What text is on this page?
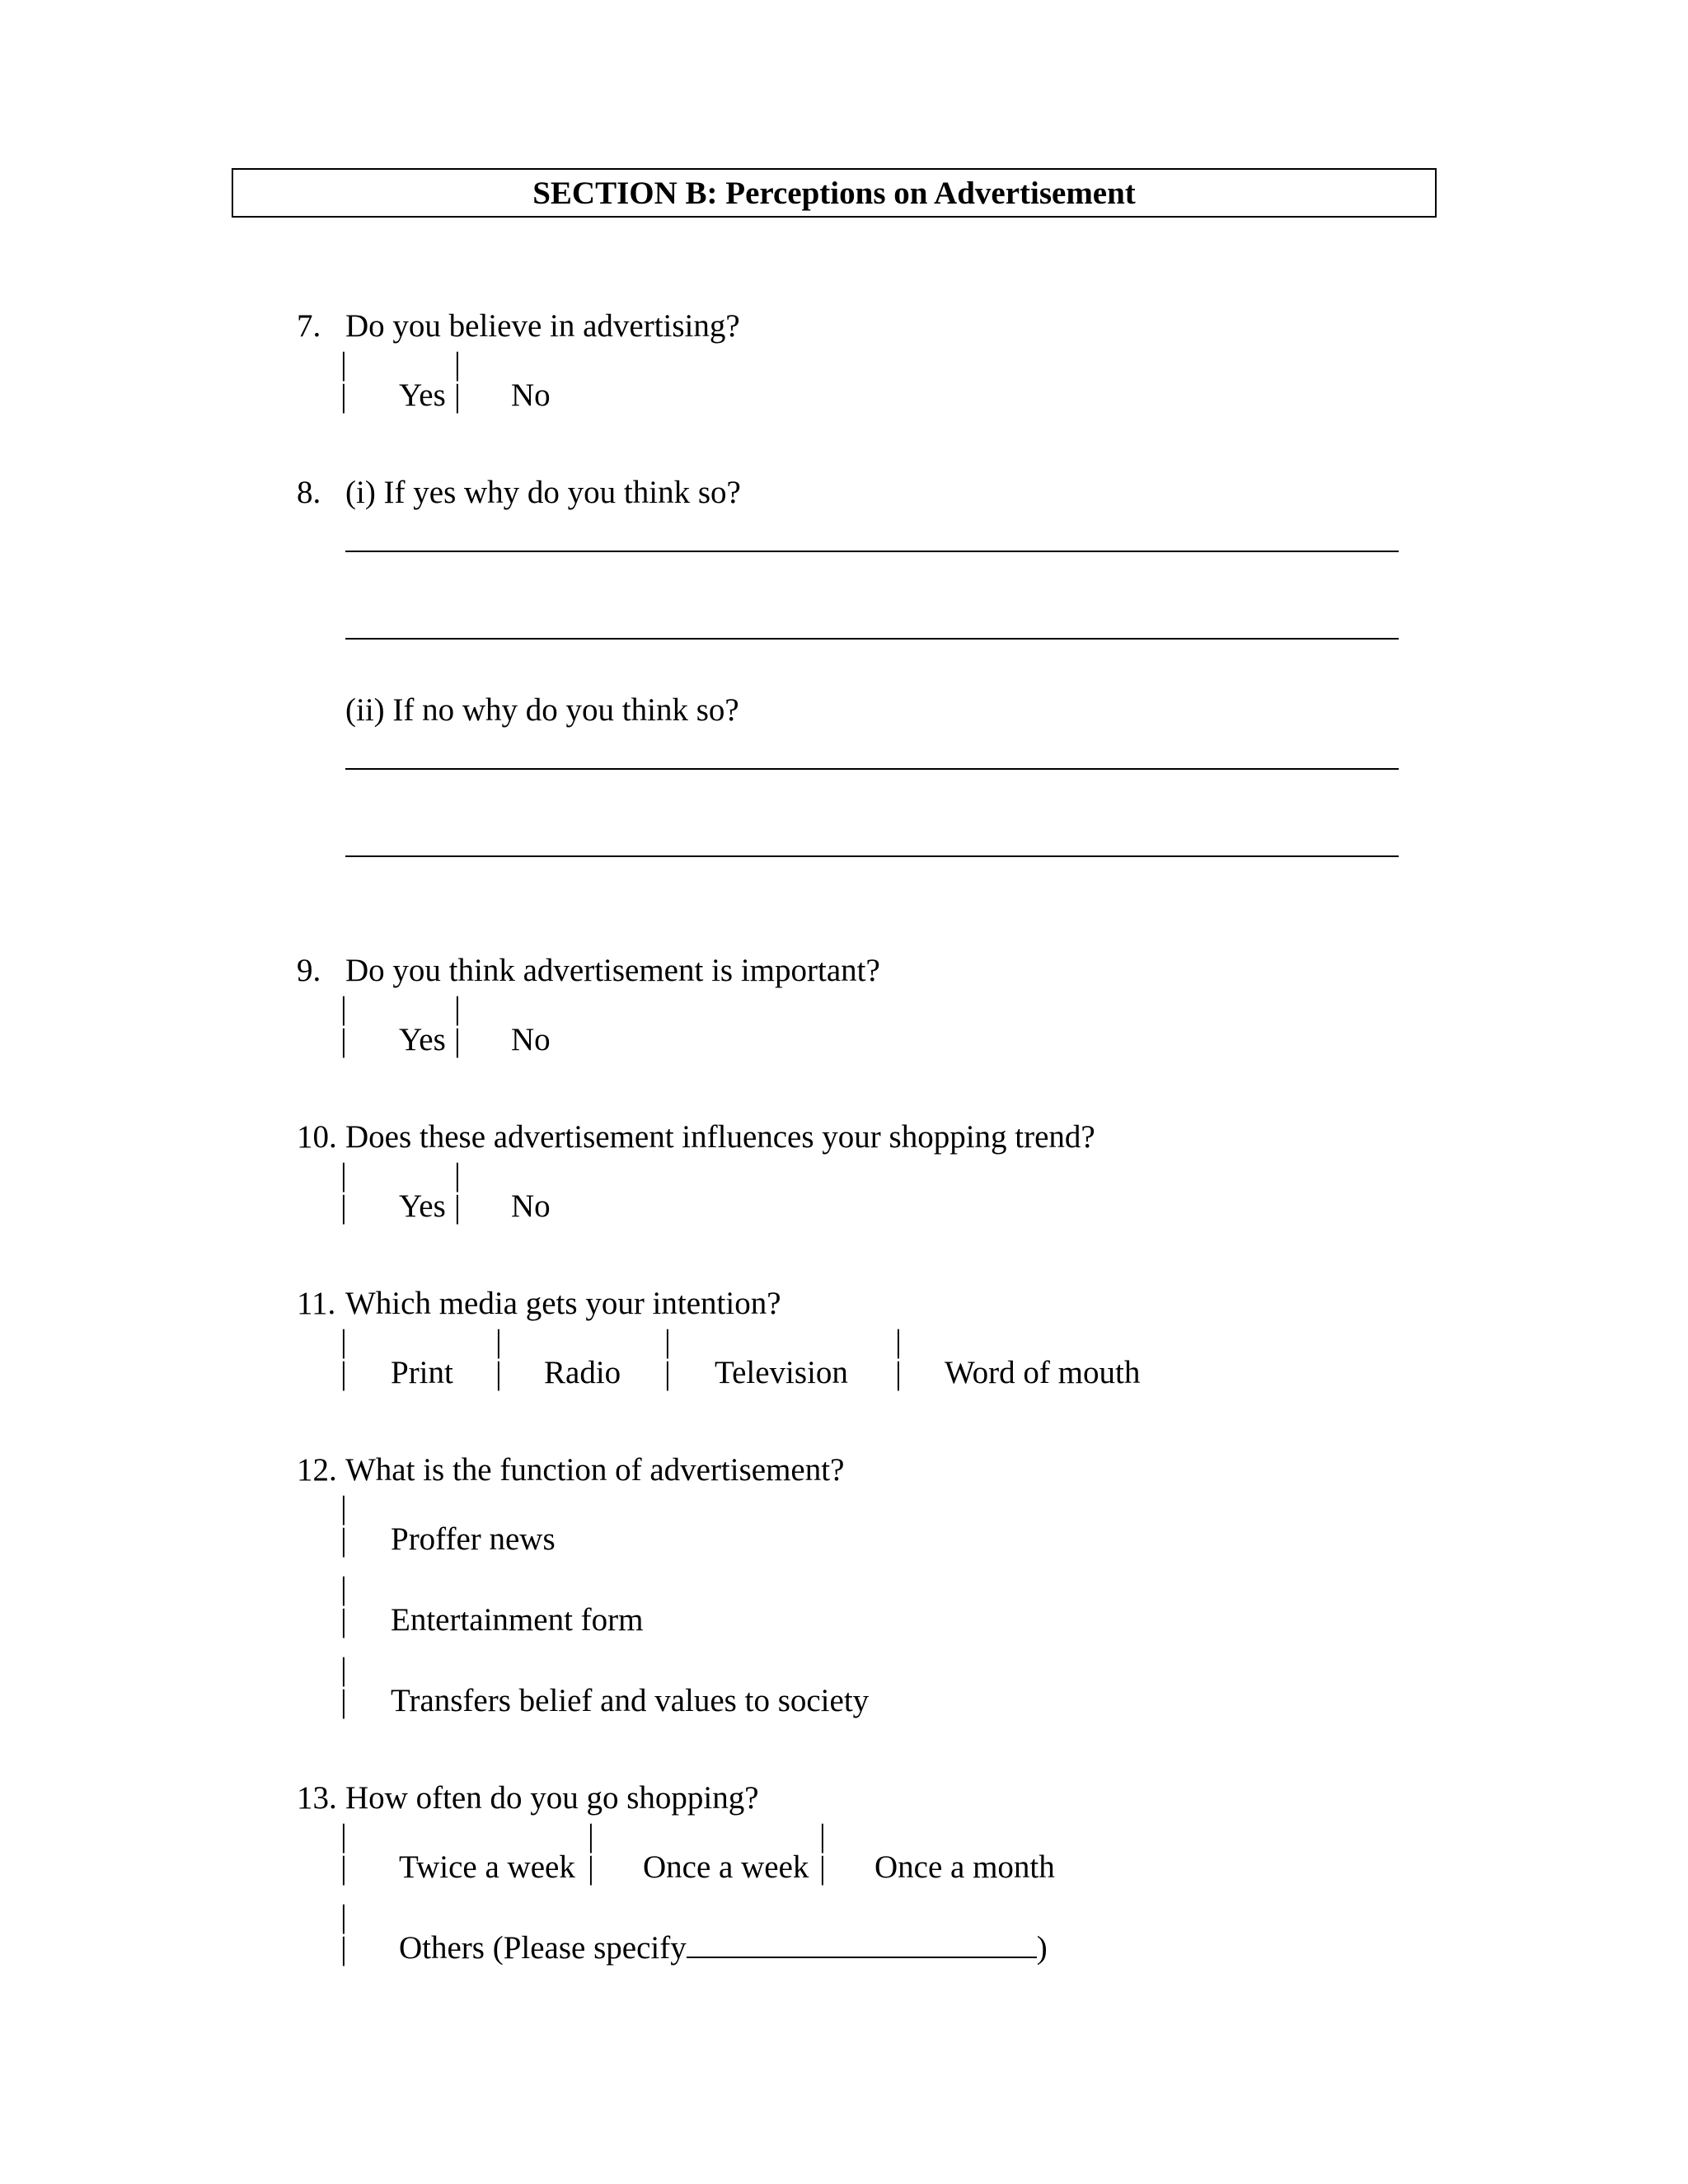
SECTION B: Perceptions on Advertisement
7. Do you believe in advertising?
|
| Yes
|
| No
8. (i) If yes why do you think so?
(ii) If no why do you think so?
9. Do you think advertisement is important?
|
| Yes
|
| No
10. Does these advertisement influences your shopping trend?
|
| Yes
|
| No
11. Which media gets your intention?
|
| Print
|
| Radio
|
| Television
|
| Word of mouth
12. What is the function of advertisement?
|
| Proffer news
|
| Entertainment form
|
| Transfers belief and values to society
13. How often do you go shopping?
|
| Twice a week
|
| Once a week
|
| Once a month
|
| Others (Please specify	)
